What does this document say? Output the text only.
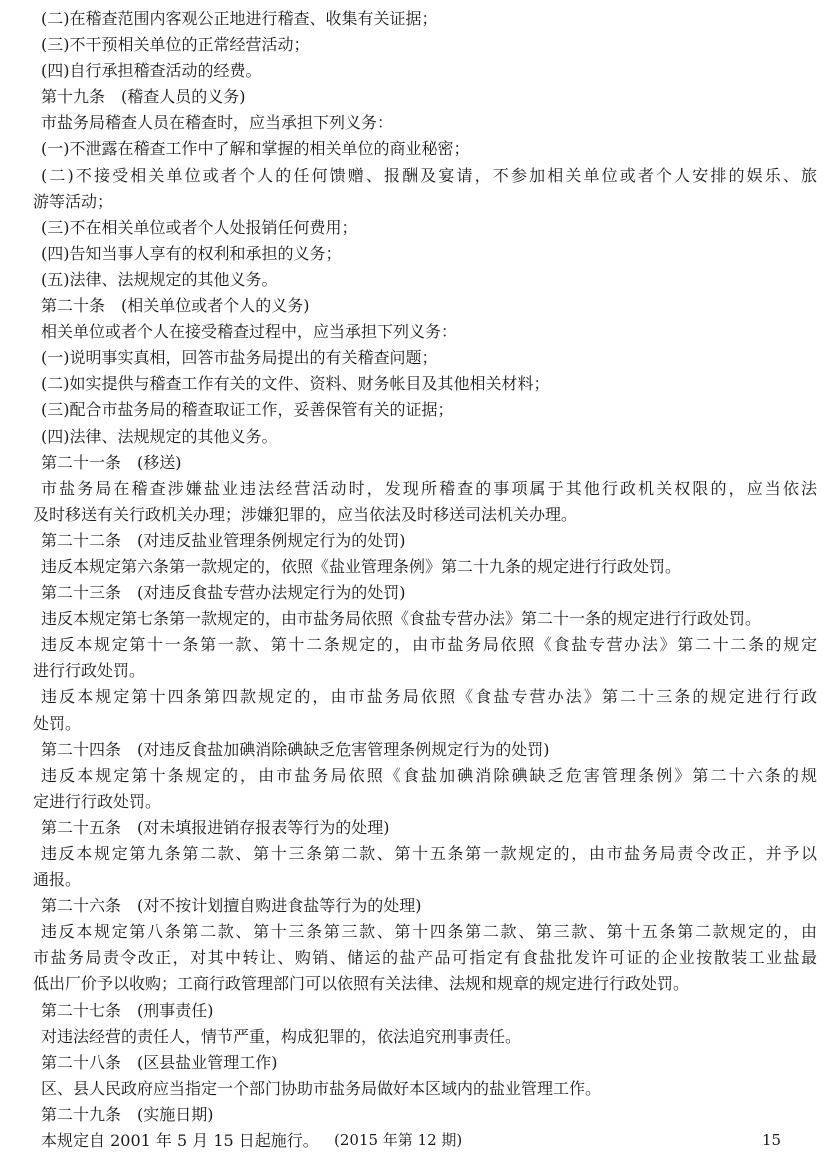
(二)在稽查范围内客观公正地进行稽查、收集有关证据；
(三)不干预相关单位的正常经营活动；
(四)自行承担稽查活动的经费。
第十九条　(稽查人员的义务)
市盐务局稽查人员在稽查时，应当承担下列义务：
(一)不泄露在稽查工作中了解和掌握的相关单位的商业秘密；
(二)不接受相关单位或者个人的任何馈赠、报酬及宴请，不参加相关单位或者个人安排的娱乐、旅
游等活动；
(三)不在相关单位或者个人处报销任何费用；
(四)告知当事人享有的权利和承担的义务；
(五)法律、法规规定的其他义务。
第二十条　(相关单位或者个人的义务)
相关单位或者个人在接受稽查过程中，应当承担下列义务：
(一)说明事实真相，回答市盐务局提出的有关稽查问题；
(二)如实提供与稽查工作有关的文件、资料、财务帐目及其他相关材料；
(三)配合市盐务局的稽查取证工作，妥善保管有关的证据；
(四)法律、法规规定的其他义务。
第二十一条　(移送)
市盐务局在稽查涉嫌盐业违法经营活动时，发现所稽查的事项属于其他行政机关权限的，应当依法
及时移送有关行政机关办理；涉嫌犯罪的，应当依法及时移送司法机关办理。
第二十二条　(对违反盐业管理条例规定行为的处罚)
违反本规定第六条第一款规定的，依照《盐业管理条例》第二十九条的规定进行行政处罚。
第二十三条　(对违反食盐专营办法规定行为的处罚)
违反本规定第七条第一款规定的，由市盐务局依照《食盐专营办法》第二十一条的规定进行行政处罚。
违反本规定第十一条第一款、第十二条规定的，由市盐务局依照《食盐专营办法》第二十二条的规定
进行行政处罚。
违反本规定第十四条第四款规定的，由市盐务局依照《食盐专营办法》第二十三条的规定进行行政
处罚。
第二十四条　(对违反食盐加碘消除碘缺乏危害管理条例规定行为的处罚)
违反本规定第十条规定的，由市盐务局依照《食盐加碘消除碘缺乏危害管理条例》第二十六条的规
定进行行政处罚。
第二十五条　(对未填报进销存报表等行为的处理)
违反本规定第九条第二款、第十三条第二款、第十五条第一款规定的，由市盐务局责令改正，并予以
通报。
第二十六条　(对不按计划擅自购进食盐等行为的处理)
违反本规定第八条第二款、第十三条第三款、第十四条第二款、第三款、第十五条第二款规定的，由
市盐务局责令改正，对其中转让、购销、储运的盐产品可指定有食盐批发许可证的企业按散装工业盐最
低出厂价予以收购；工商行政管理部门可以依照有关法律、法规和规章的规定进行行政处罚。
第二十七条　(刑事责任)
对违法经营的责任人，情节严重，构成犯罪的，依法追究刑事责任。
第二十八条　(区县盐业管理工作)
区、县人民政府应当指定一个部门协助市盐务局做好本区域内的盐业管理工作。
第二十九条　(实施日期)
本规定自 2001 年 5 月 15 日起施行。	(2015 年第 12 期)	15
